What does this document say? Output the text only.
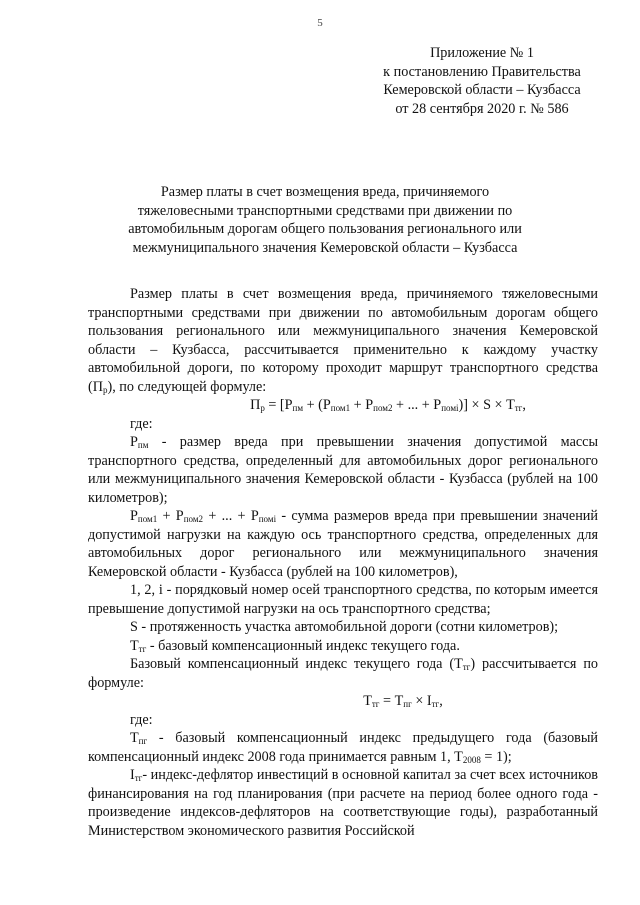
5
Приложение № 1
к постановлению Правительства
Кемеровской области – Кузбасса
от 28 сентября 2020 г. № 586
Размер платы в счет возмещения вреда, причиняемого
тяжеловесными транспортными средствами при движении по
автомобильным дорогам общего пользования регионального или
межмуниципального значения Кемеровской области – Кузбасса

Размер платы в счет возмещения вреда, причиняемого тяжеловесными транспортными средствами при движении по автомобильным дорогам общего пользования регионального или межмуниципального значения Кемеровской области – Кузбасса, рассчитывается применительно к каждому участку автомобильной дороги, по которому проходит маршрут транспортного средства $(П_р)$, по следующей формуле:

$П_р = [Р_{пм} + (Р_{пом1} + Р_{пом2}$ + ... + $Р_{помi})] \times S \times Т_{тг}$,

где:

$Р_{пм}$ - размер вреда при превышении значения допустимой массы транспортного средства, определенный для автомобильных дорог регионального или межмуниципального значения Кемеровской области - Кузбасса (рублей на 100 километров);

$Р_{пом1} + Р_{пом2}$ + ... + $Р_{помi}$ - сумма размеров вреда при превышении значений допустимой нагрузки на каждую ось транспортного средства, определенных для автомобильных дорог регионального или межмуниципального значения Кемеровской области - Кузбасса (рублей на 100 километров),

1, 2, i - порядковый номер осей транспортного средства, по которым имеется превышение допустимой нагрузки на ось транспортного средства;

S - протяженность участка автомобильной дороги (сотни километров);

$Т_{тг}$ - базовый компенсационный индекс текущего года.

Базовый компенсационный индекс текущего года $(Т_{тг})$ рассчитывается по формуле:

$Т_{тг} = Т_{пг} \times I_{тг}$,

где:

$Т_{пг}$ - базовый компенсационный индекс предыдущего года (базовый компенсационный индекс 2008 года принимается равным 1, $Т_{2008} = 1$);

$I_{тг}-$ индекс-дефлятор инвестиций в основной капитал за счет всех источников финансирования на год планирования (при расчете на период более одного года - произведение индексов-дефляторов на соответствующие годы), разработанный Министерством экономического развития Российской
